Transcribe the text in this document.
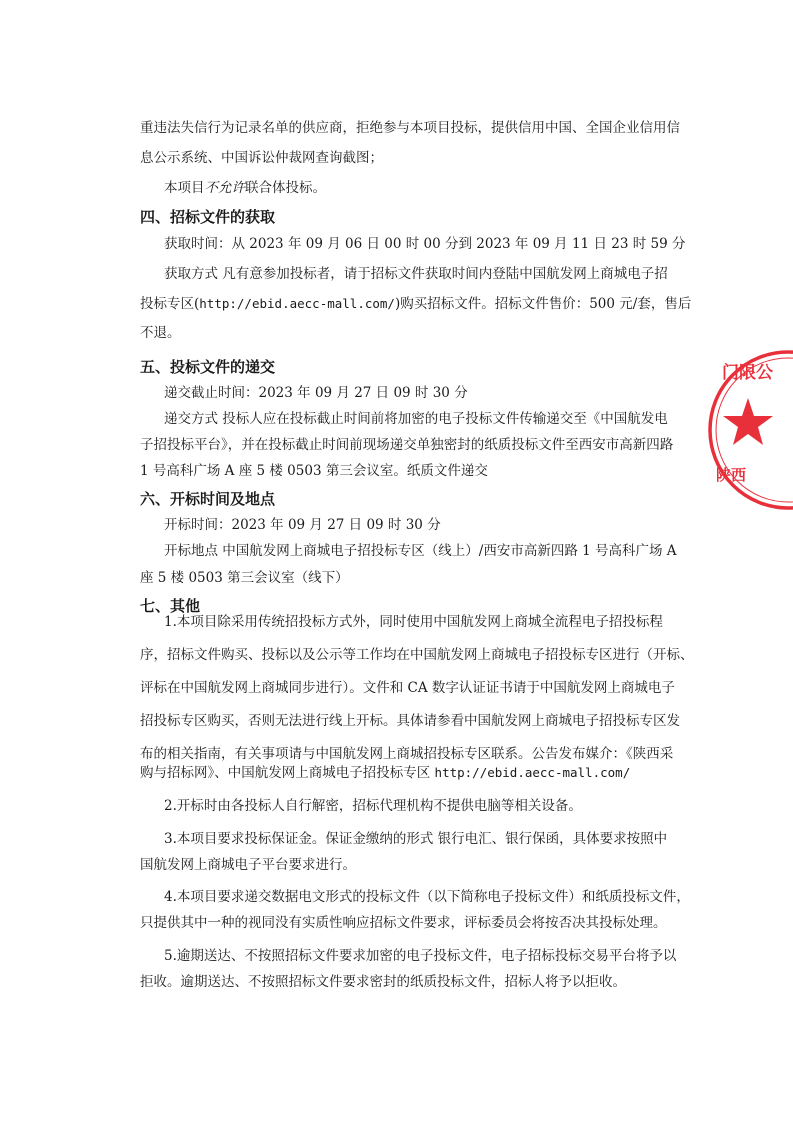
重违法失信行为记录名单的供应商，拒绝参与本项目投标，提供信用中国、全国企业信用信
息公示系统、中国诉讼仲裁网查询截图；
本项目不允许联合体投标。
四、招标文件的获取
获取时间：从 2023 年 09 月 06 日 00 时 00 分到 2023 年 09 月 11 日 23 时 59 分
获取方式 凡有意参加投标者，请于招标文件获取时间内登陆中国航发网上商城电子招
投标专区(http://ebid.aecc-mall.com/)购买招标文件。招标文件售价：500 元/套，售后
不退。
五、投标文件的递交
递交截止时间：2023 年 09 月 27 日 09 时 30 分
递交方式 投标人应在投标截止时间前将加密的电子投标文件传输递交至《中国航发电
子招投标平台》，并在投标截止时间前现场递交单独密封的纸质投标文件至西安市高新四路
1 号高科广场 A 座 5 楼 0503 第三会议室。纸质文件递交
六、开标时间及地点
开标时间：2023 年 09 月 27 日 09 时 30 分
开标地点 中国航发网上商城电子招投标专区（线上）/西安市高新四路 1 号高科广场 A
座 5 楼 0503 第三会议室（线下）
七、其他
1.本项目除采用传统招投标方式外，同时使用中国航发网上商城全流程电子招投标程
序，招标文件购买、投标以及公示等工作均在中国航发网上商城电子招投标专区进行（开标、
评标在中国航发网上商城同步进行）。文件和 CA 数字认证证书请于中国航发网上商城电子
招投标专区购买，否则无法进行线上开标。具体请参看中国航发网上商城电子招投标专区发
布的相关指南，有关事项请与中国航发网上商城招投标专区联系。公告发布媒介：《陕西采
购与招标网》、中国航发网上商城电子招投标专区 http://ebid.aecc-mall.com/
2.开标时由各投标人自行解密，招标代理机构不提供电脑等相关设备。
3.本项目要求投标保证金。保证金缴纳的形式 银行电汇、银行保函，具体要求按照中
国航发网上商城电子平台要求进行。
4.本项目要求递交数据电文形式的投标文件（以下简称电子投标文件）和纸质投标文件，
只提供其中一种的视同没有实质性响应招标文件要求，评标委员会将按否决其投标处理。
5.逾期送达、不按照招标文件要求加密的电子投标文件，电子招标投标交易平台将予以
拒收。逾期送达、不按照招标文件要求密封的纸质投标文件，招标人将予以拒收。
门限公
陕西
